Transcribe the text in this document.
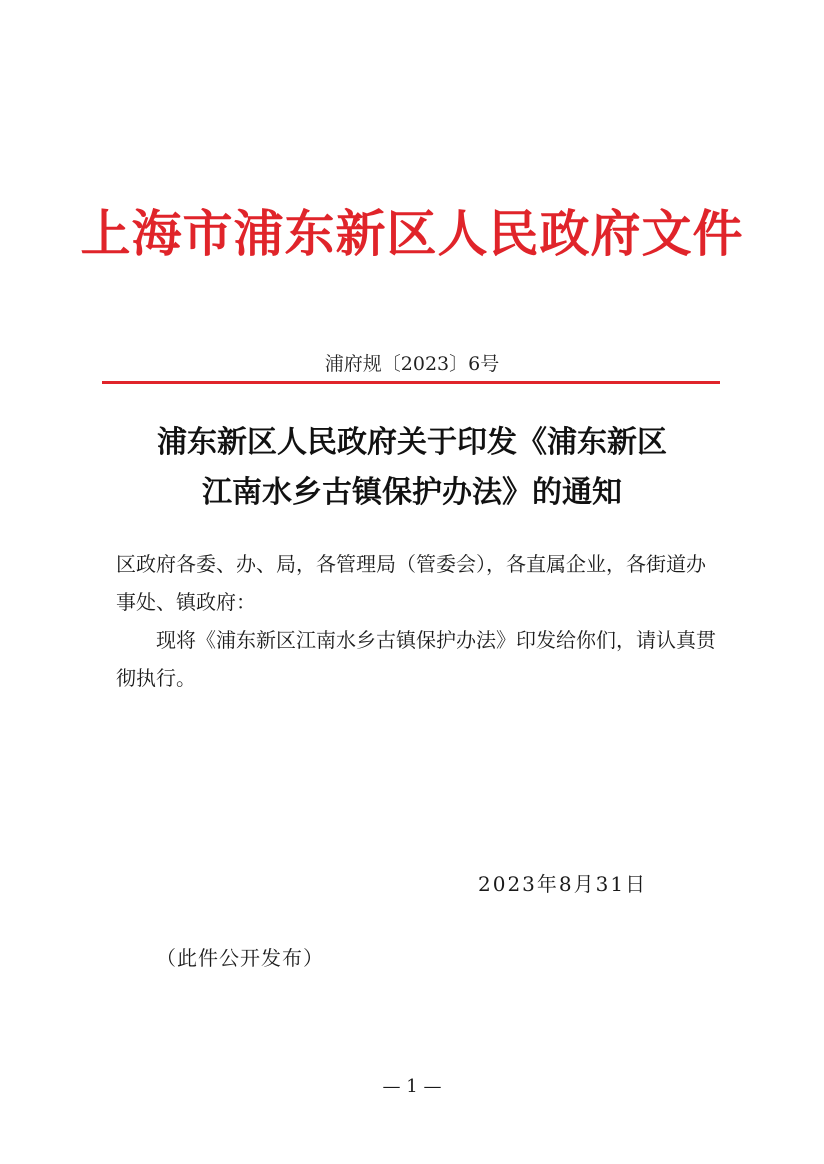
上海市浦东新区人民政府文件
浦府规〔2023〕6号
浦东新区人民政府关于印发《浦东新区
江南水乡古镇保护办法》的通知

区政府各委、办、局，各管理局（管委会），各直属企业，各街道办事处、镇政府：

现将《浦东新区江南水乡古镇保护办法》印发给你们，请认真贯彻执行。

2023年8月31日
（此件公开发布）
— 1 —
